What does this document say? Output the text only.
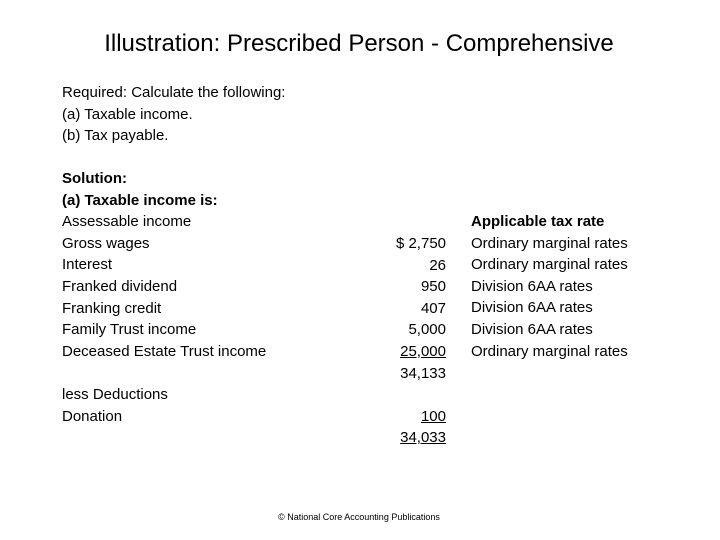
Illustration: Prescribed Person - Comprehensive
Required: Calculate the following:
(a) Taxable income.
(b) Tax payable.
Solution:
(a) Taxable income is:
Assessable income
Gross wages
Interest
Franked dividend
Franking credit
Family Trust income
Deceased Estate Trust income
less Deductions
Donation
$ 2,750
26
950
407
5,000
25,000
34,133
100
34,033
Applicable tax rate
Ordinary marginal rates
Ordinary marginal rates
Division 6AA rates
Division 6AA rates
Division 6AA rates
Ordinary marginal rates
© National Core Accounting Publications
